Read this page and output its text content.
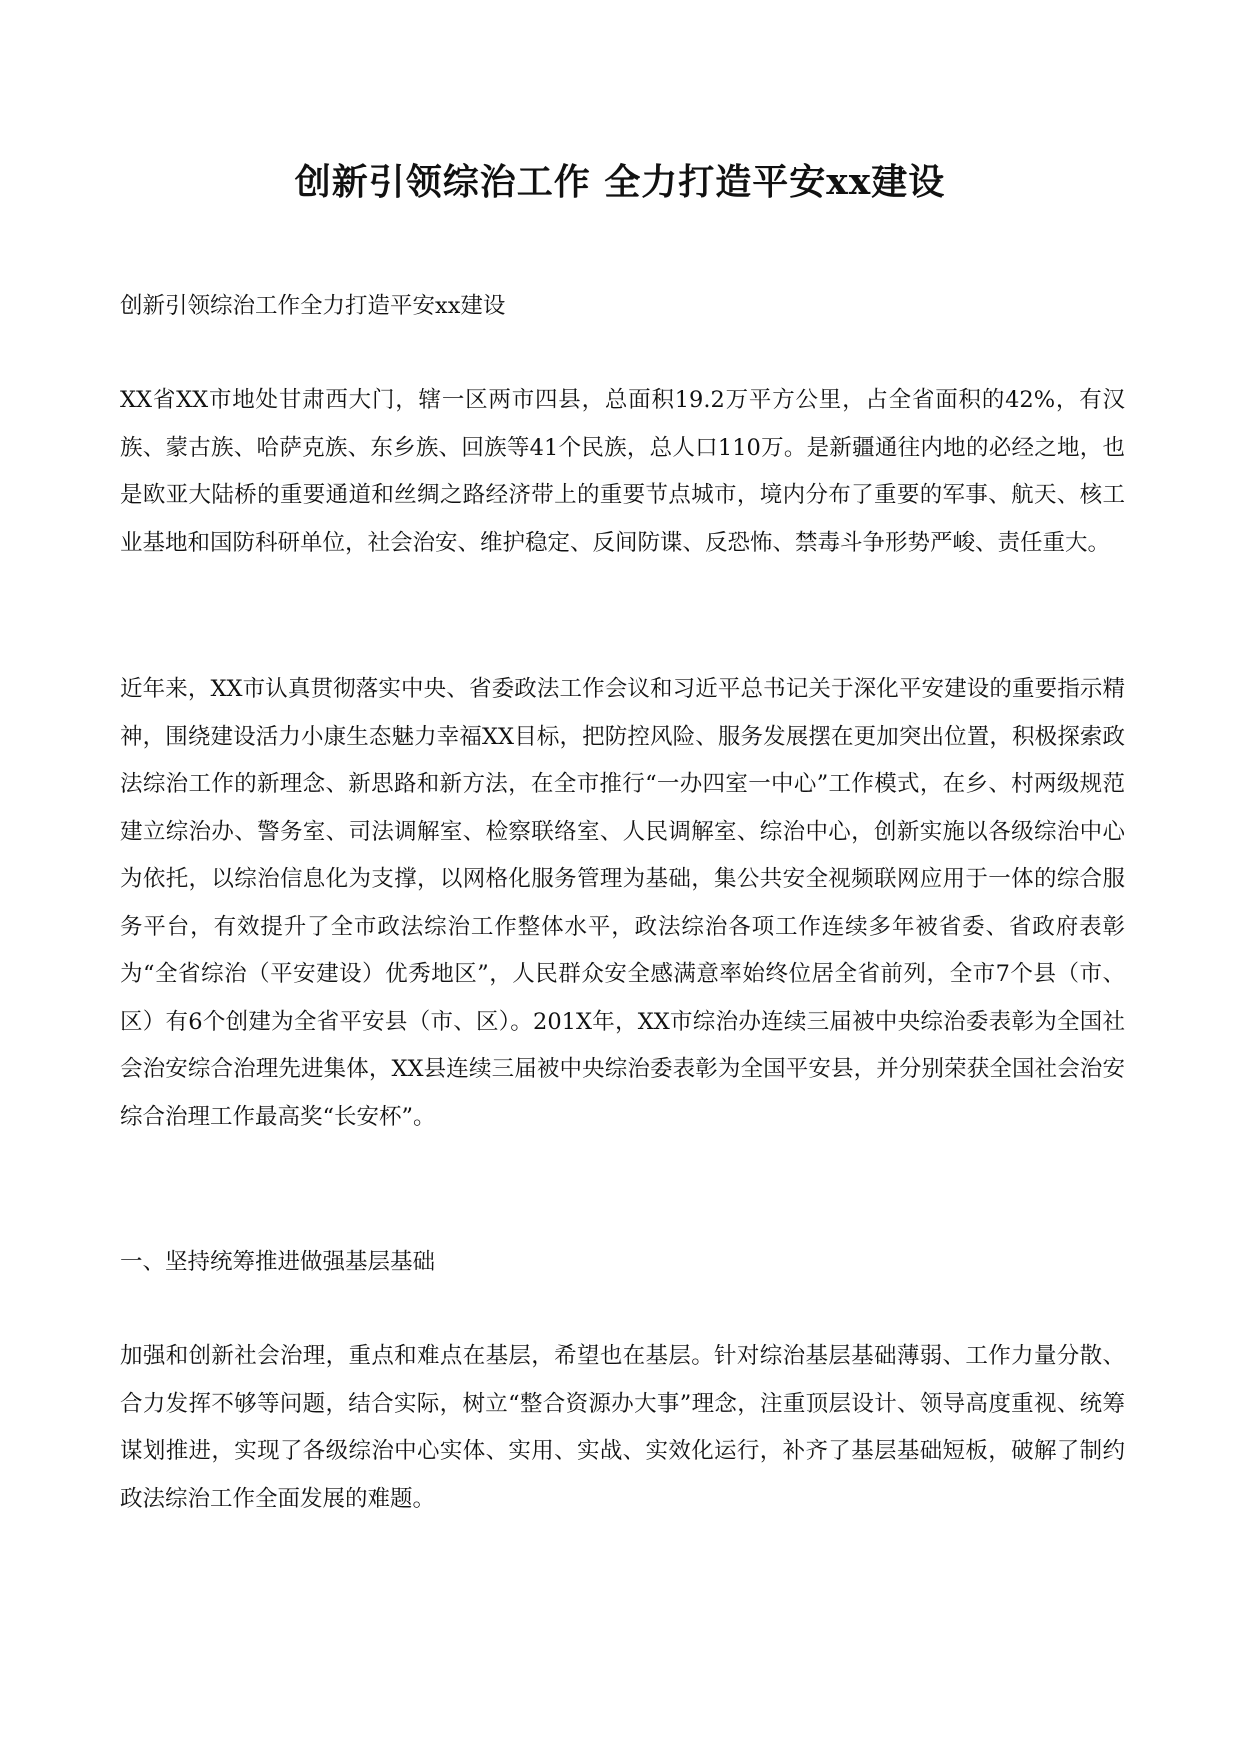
创新引领综治工作 全力打造平安xx建设

创新引领综治工作全力打造平安xx建设

XX省XX市地处甘肃西大门，辖一区两市四县，总面积19.2万平方公里，占全省面积的42%，有汉族、蒙古族、哈萨克族、东乡族、回族等41个民族，总人口110万。是新疆通往内地的必经之地，也是欧亚大陆桥的重要通道和丝绸之路经济带上的重要节点城市，境内分布了重要的军事、航天、核工业基地和国防科研单位，社会治安、维护稳定、反间防谍、反恐怖、禁毒斗争形势严峻、责任重大。

近年来，XX市认真贯彻落实中央、省委政法工作会议和习近平总书记关于深化平安建设的重要指示精神，围绕建设活力小康生态魅力幸福XX目标，把防控风险、服务发展摆在更加突出位置，积极探索政法综治工作的新理念、新思路和新方法，在全市推行“一办四室一中心”工作模式，在乡、村两级规范建立综治办、警务室、司法调解室、检察联络室、人民调解室、综治中心，创新实施以各级综治中心为依托，以综治信息化为支撑，以网格化服务管理为基础，集公共安全视频联网应用于一体的综合服务平台，有效提升了全市政法综治工作整体水平，政法综治各项工作连续多年被省委、省政府表彰为“全省综治（平安建设）优秀地区”，人民群众安全感满意率始终位居全省前列，全市7个县（市、区）有6个创建为全省平安县（市、区）。201X年，XX市综治办连续三届被中央综治委表彰为全国社会治安综合治理先进集体，XX县连续三届被中央综治委表彰为全国平安县，并分别荣获全国社会治安综合治理工作最高奖“长安杯”。

一、坚持统筹推进做强基层基础

加强和创新社会治理，重点和难点在基层，希望也在基层。针对综治基层基础薄弱、工作力量分散、合力发挥不够等问题，结合实际，树立“整合资源办大事”理念，注重顶层设计、领导高度重视、统筹谋划推进，实现了各级综治中心实体、实用、实战、实效化运行，补齐了基层基础短板，破解了制约政法综治工作全面发展的难题。
